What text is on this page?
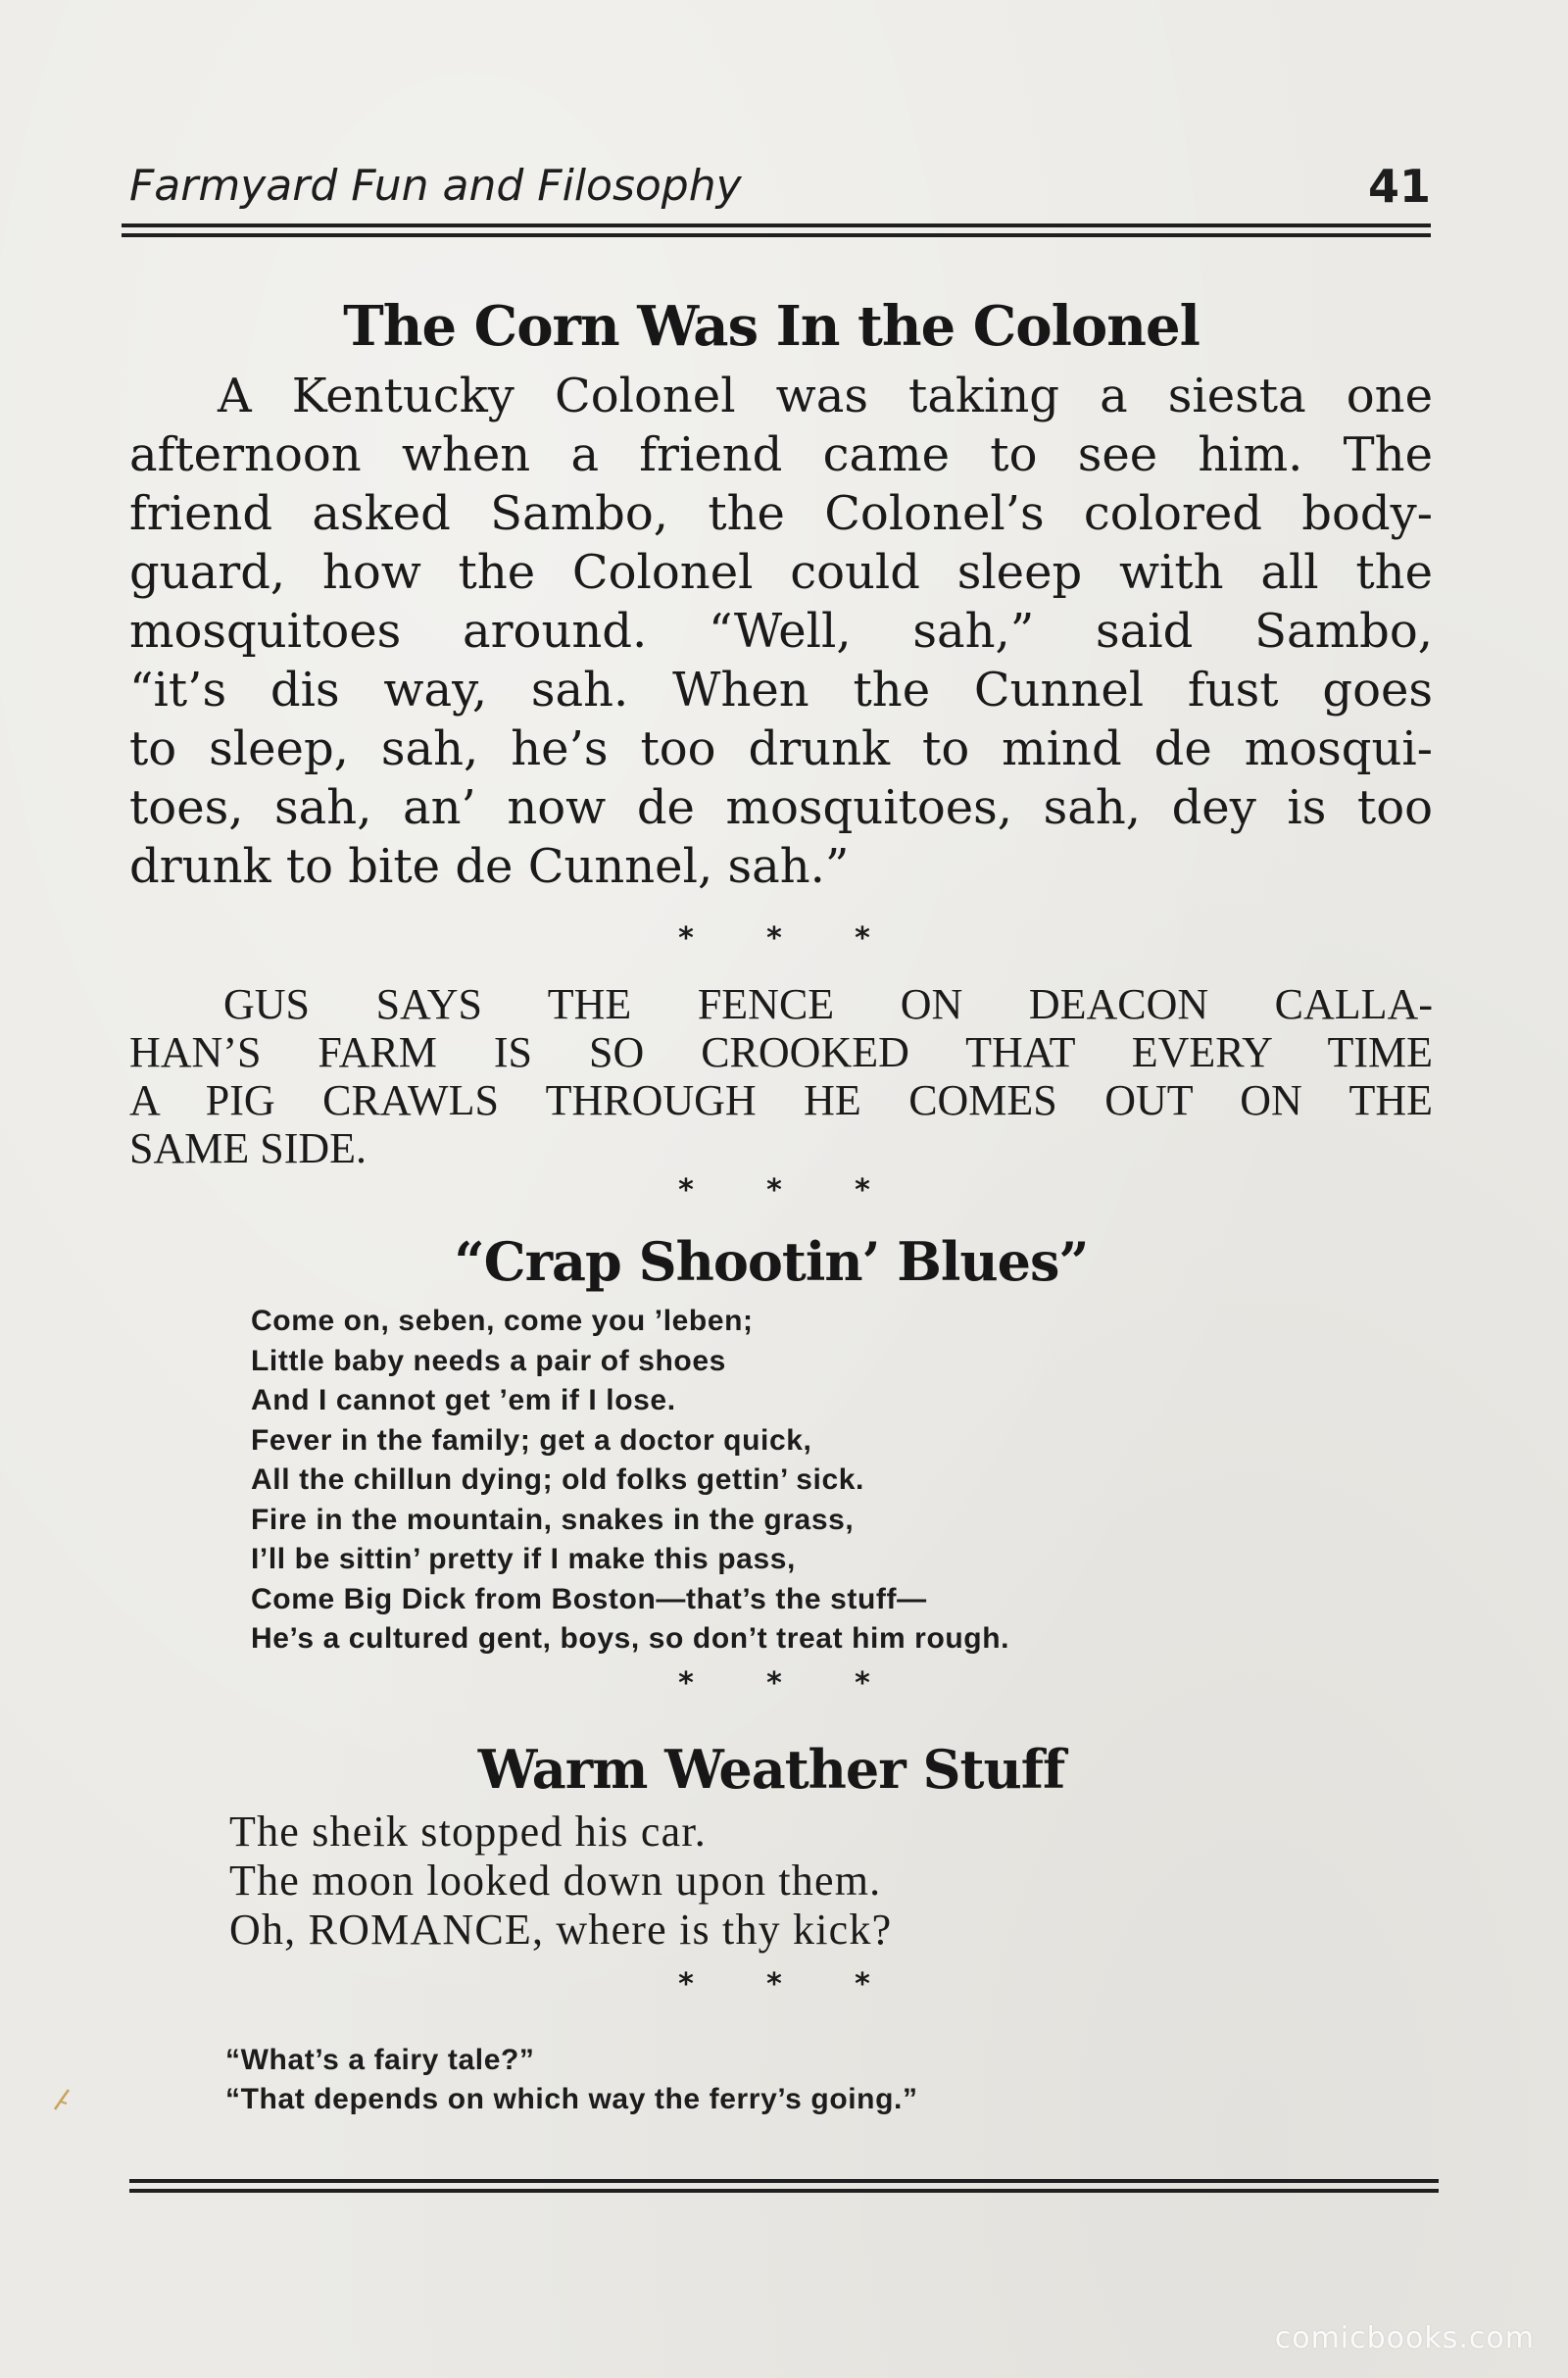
Farmyard Fun and Filosophy	41
The Corn Was In the Colonel
A Kentucky Colonel was taking a siesta one
afternoon when a friend came to see him. The
friend asked Sambo, the Colonel’s colored body-
guard, how the Colonel could sleep with all the
mosquitoes around. “Well, sah,” said Sambo,
“it’s dis way, sah. When the Cunnel fust goes
to sleep, sah, he’s too drunk to mind de mosqui-
toes, sah, an’ now de mosquitoes, sah, dey is too
drunk to bite de Cunnel, sah.”
* * *
GUS SAYS THE FENCE ON DEACON CALLA-
HAN’S FARM IS SO CROOKED THAT EVERY TIME
A PIG CRAWLS THROUGH HE COMES OUT ON THE
SAME SIDE.
* * *
“Crap Shootin’ Blues”
Come on, seben, come you ’leben;
Little baby needs a pair of shoes
And I cannot get ’em if I lose.
Fever in the family; get a doctor quick,
All the chillun dying; old folks gettin’ sick.
Fire in the mountain, snakes in the grass,
I’ll be sittin’ pretty if I make this pass,
Come Big Dick from Boston—that’s the stuff—
He’s a cultured gent, boys, so don’t treat him rough.
* * *
Warm Weather Stuff
The sheik stopped his car.
The moon looked down upon them.
Oh, ROMANCE, where is thy kick?
* * *
“What’s a fairy tale?”
“That depends on which way the ferry’s going.”
comicbooks.com
